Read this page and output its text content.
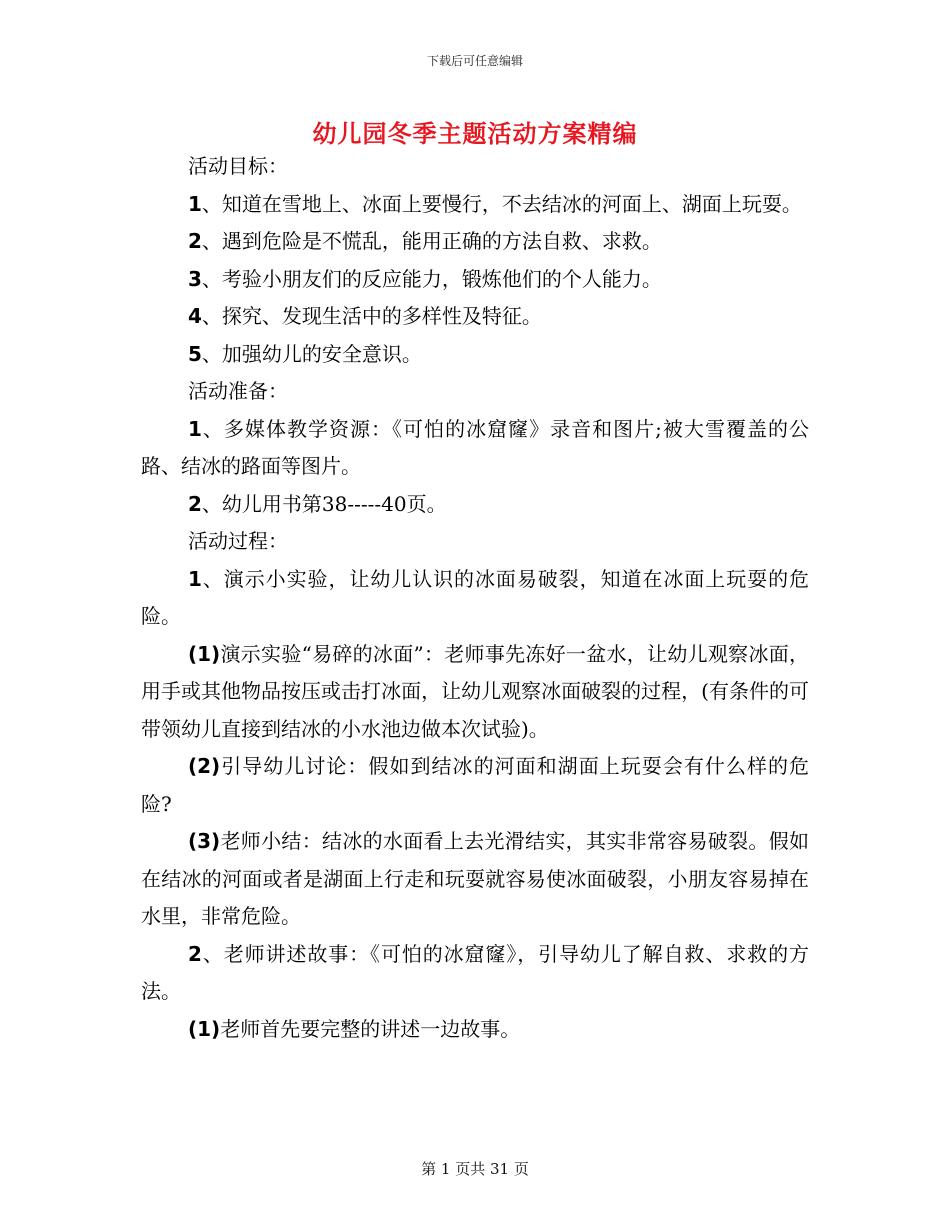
下载后可任意编辑
幼儿园冬季主题活动方案精编

活动目标：

1、知道在雪地上、冰面上要慢行，不去结冰的河面上、湖面上玩耍。

2、遇到危险是不慌乱，能用正确的方法自救、求救。

3、考验小朋友们的反应能力，锻炼他们的个人能力。

4、探究、发现生活中的多样性及特征。

5、加强幼儿的安全意识。

活动准备：

1、多媒体教学资源：《可怕的冰窟窿》录音和图片;被大雪覆盖的公路、结冰的路面等图片。

2、幼儿用书第38-----40页。

活动过程：

1、演示小实验，让幼儿认识的冰面易破裂，知道在冰面上玩耍的危险。

(1)演示实验“易碎的冰面”：老师事先冻好一盆水，让幼儿观察冰面，用手或其他物品按压或击打冰面，让幼儿观察冰面破裂的过程，(有条件的可带领幼儿直接到结冰的小水池边做本次试验)。

(2)引导幼儿讨论：假如到结冰的河面和湖面上玩耍会有什么样的危险?

(3)老师小结：结冰的水面看上去光滑结实，其实非常容易破裂。假如在结冰的河面或者是湖面上行走和玩耍就容易使冰面破裂，小朋友容易掉在水里，非常危险。

2、老师讲述故事：《可怕的冰窟窿》，引导幼儿了解自救、求救的方法。

(1)老师首先要完整的讲述一边故事。

第 1 页共 31 页
